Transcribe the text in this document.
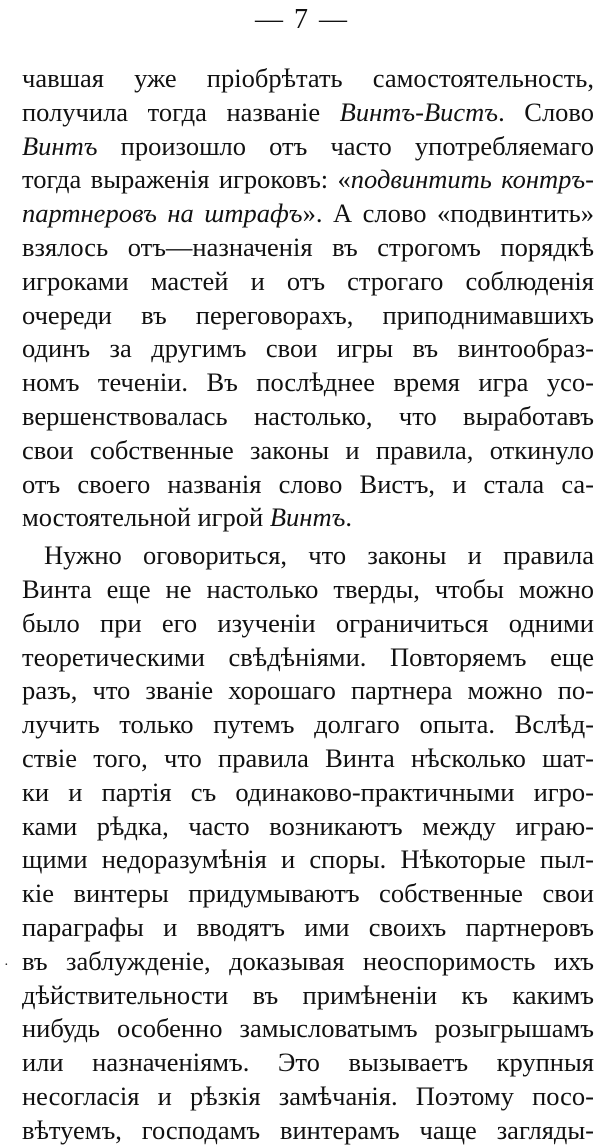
— 7 —
чавшая уже пріобрѣтать самостоятельность,
получила тогда названіе Винтъ-Вистъ. Слово
Винтъ произошло отъ часто употребляемаго
тогда выраженія игроковъ: «подвинтить контръ-
партнеровъ на штрафъ». А слово «подвинтить»
взялось отъ—назначенія въ строгомъ порядкѣ
игроками мастей и отъ строгаго соблюденія
очереди въ переговорахъ, приподнимавшихъ
одинъ за другимъ свои игры въ винтообраз-
номъ теченіи. Въ послѣднее время игра усо-
вершенствовалась настолько, что выработавъ
свои собственные законы и правила, откинуло
отъ своего названія слово Вистъ, и стала са-
мостоятельной игрой Винтъ.
Нужно оговориться, что законы и правила
Винта еще не настолько тверды, чтобы можно
было при его изученіи ограничиться одними
теоретическими свѣдѣніями. Повторяемъ еще
разъ, что званіе хорошаго партнера можно по-
лучить только путемъ долгаго опыта. Вслѣд-
ствіе того, что правила Винта нѣсколько шат-
ки и партія съ одинаково-практичными игро-
ками рѣдка, часто возникаютъ между играю-
щими недоразумѣнія и споры. Нѣкоторые пыл-
кіе винтеры придумываютъ собственные свои
параграфы и вводятъ ими своихъ партнеровъ
въ заблужденіе, доказывая неоспоримость ихъ
дѣйствительности въ примѣненіи къ какимъ
нибудь особенно замысловатымъ розыгрышамъ
или назначеніямъ. Это вызываетъ крупныя
несогласія и рѣзкія замѣчанія. Поэтому посо-
вѣтуемъ, господамъ винтерамъ чаще загляды-
·
